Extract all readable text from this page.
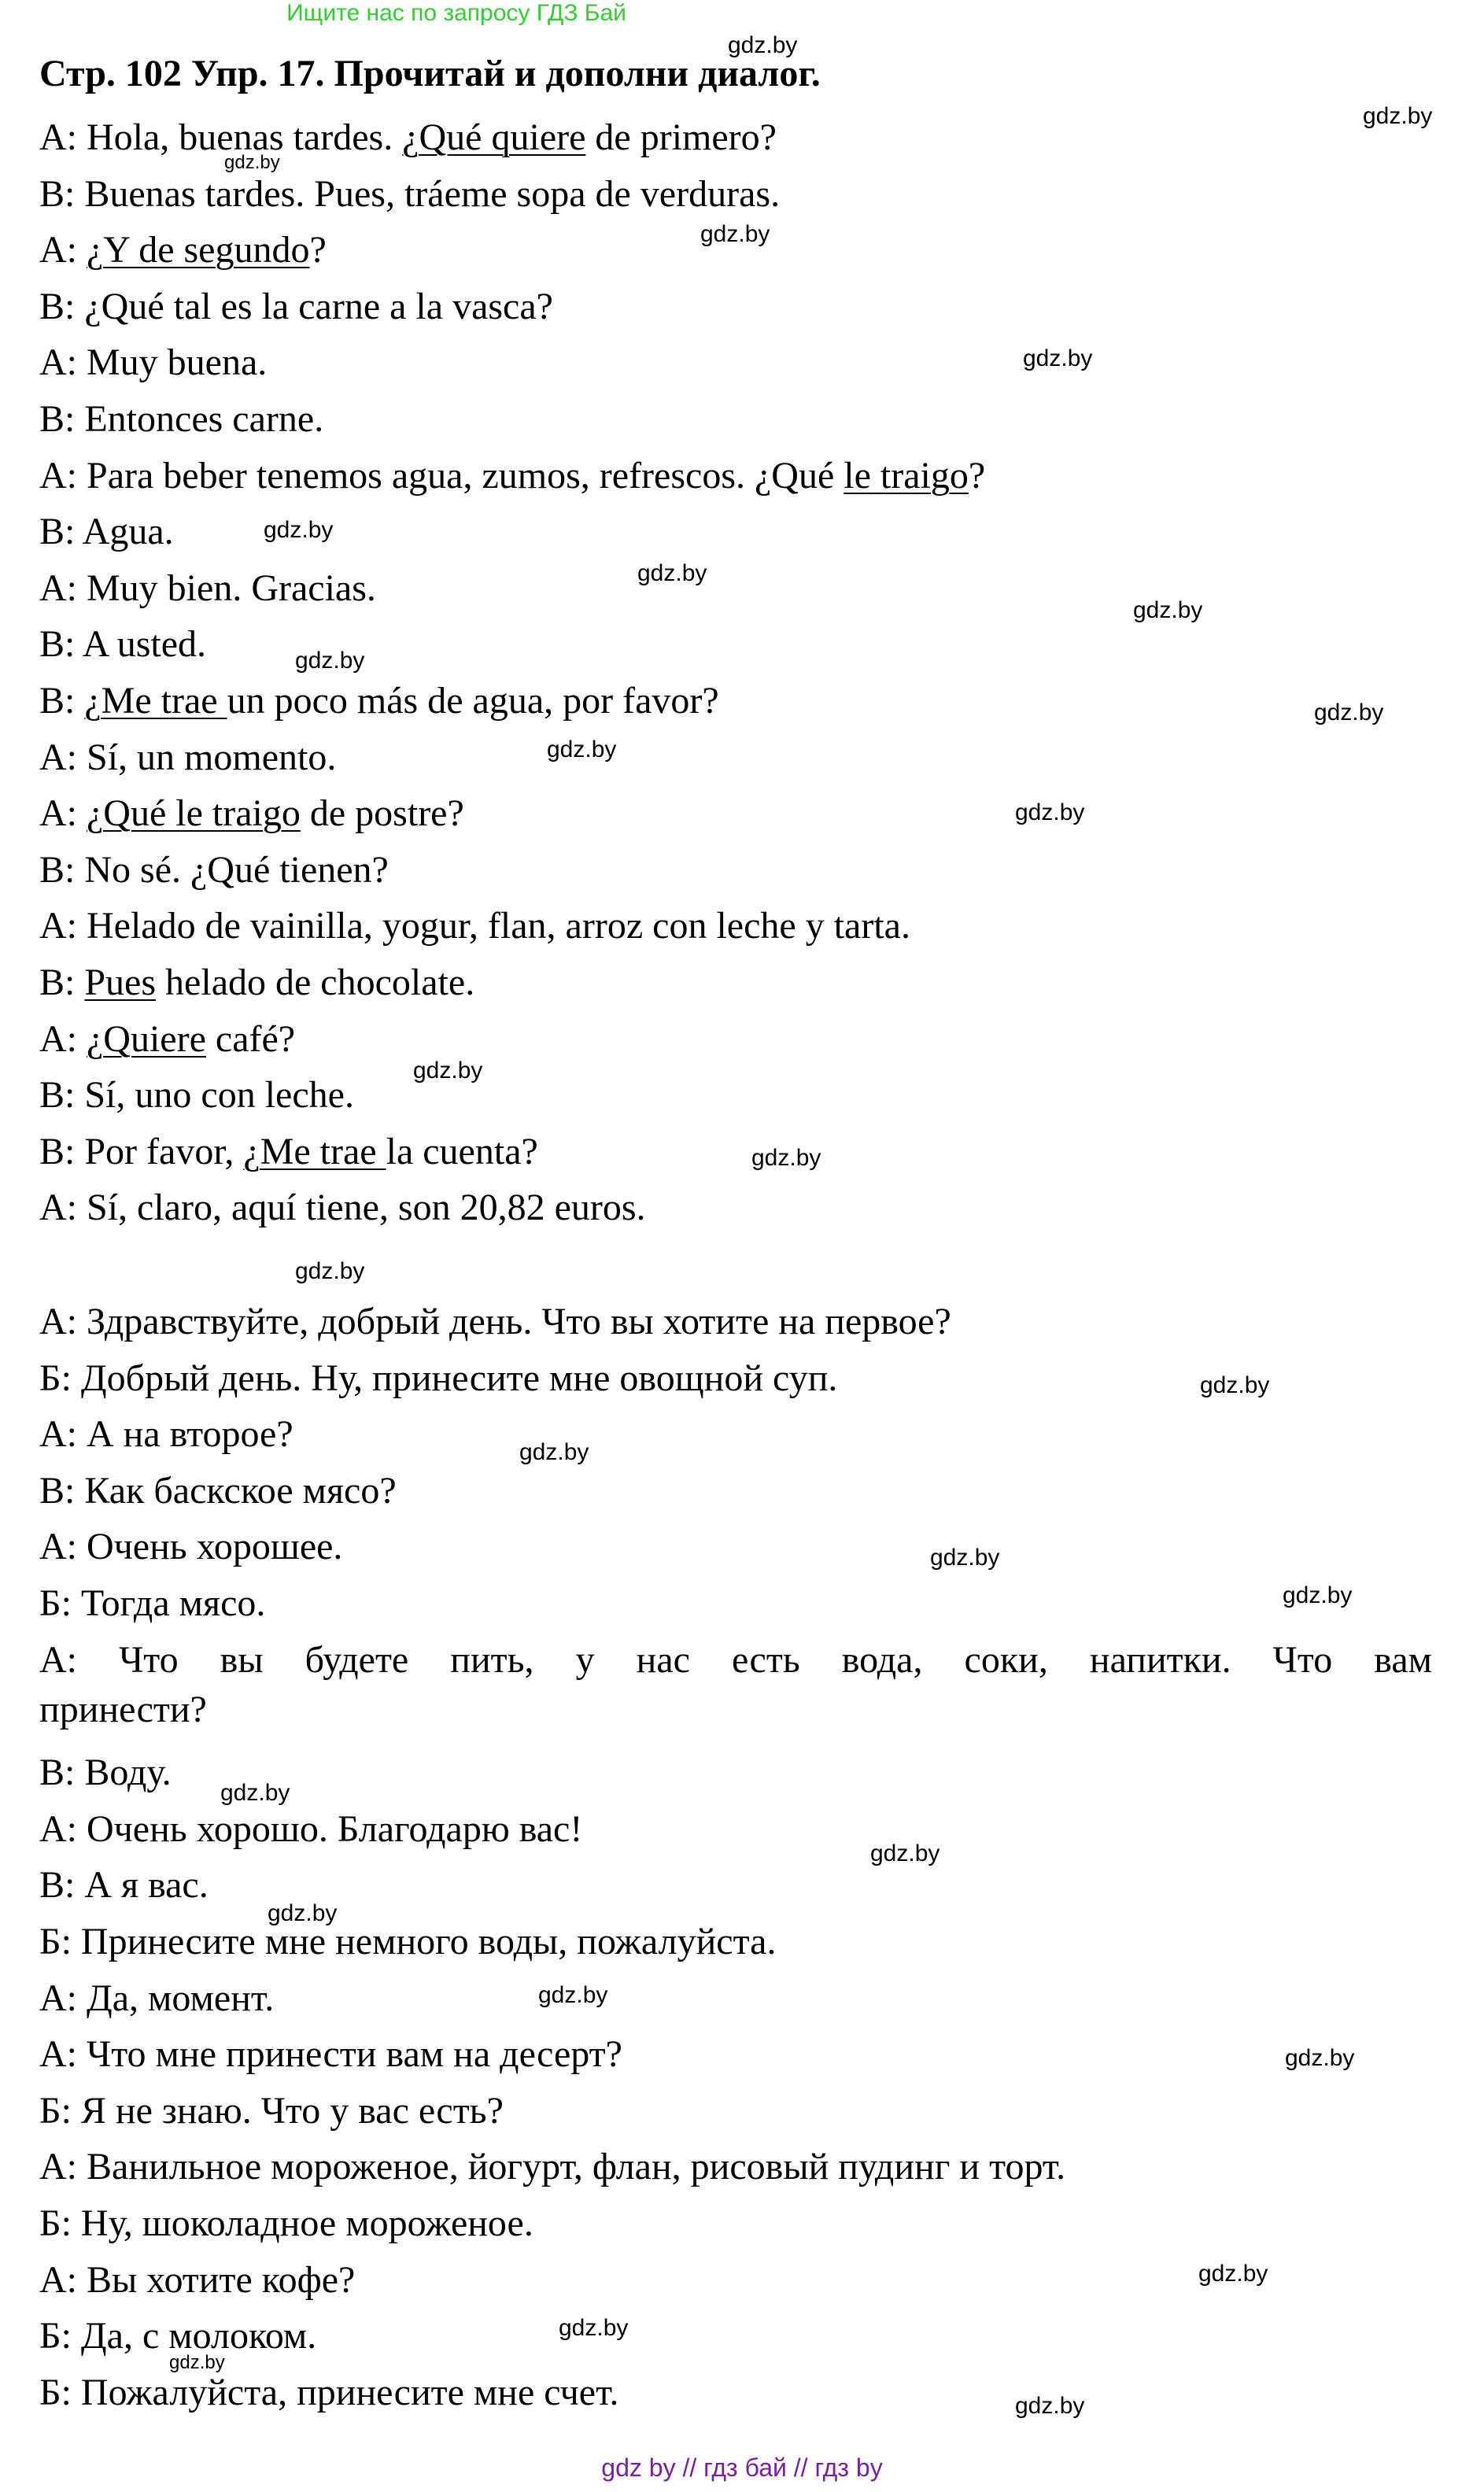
Ищите нас по запросу ГДЗ Бай
Стр. 102 Упр. 17. Прочитай и дополни диалог.
A: Hola, buenas tardes. ¿Qué quiere de primero?
B: Buenas tardes. Pues, tráeme sopa de verduras.
A: ¿Y de segundo?
B: ¿Qué tal es la carne a la vasca?
A: Muy buena.
B: Entonces carne.
A: Para beber tenemos agua, zumos, refrescos. ¿Qué le traigo?
B: Agua.
A: Muy bien. Gracias.
B: A usted.
B: ¿Me trae un poco más de agua, por favor?
A: Sí, un momento.
A: ¿Qué le traigo de postre?
B: No sé. ¿Qué tienen?
A: Helado de vainilla, yogur, flan, arroz con leche y tarta.
B: Pues helado de chocolate.
A: ¿Quiere café?
B: Sí, uno con leche.
B: Por favor, ¿Me trae la cuenta?
A: Sí, claro, aquí tiene, son 20,82 euros.
А: Здравствуйте, добрый день. Что вы хотите на первое?
Б: Добрый день. Ну, принесите мне овощной суп.
А: А на второе?
В: Как баскское мясо?
А: Очень хорошее.
Б: Тогда мясо.
А: Что вы будете пить, у нас есть вода, соки, напитки. Что вам
принести?
В: Воду.
А: Очень хорошо. Благодарю вас!
В: А я вас.
Б: Принесите мне немного воды, пожалуйста.
А: Да, момент.
А: Что мне принести вам на десерт?
Б: Я не знаю. Что у вас есть?
А: Ванильное мороженое, йогурт, флан, рисовый пудинг и торт.
Б: Ну, шоколадное мороженое.
А: Вы хотите кофе?
Б: Да, с молоком.
Б: Пожалуйста, принесите мне счет.
gdz.by
gdz.by
gdz.by
gdz.by
gdz.by
gdz.by
gdz.by
gdz.by
gdz.by
gdz.by
gdz.by
gdz.by
gdz.by
gdz.by
gdz.by
gdz.by
gdz.by
gdz.by
gdz.by
gdz.by
gdz.by
gdz.by
gdz.by
gdz.by
gdz.by
gdz.by
gdz.by
gdz.by
gdz by // гдз бай // гдз by
